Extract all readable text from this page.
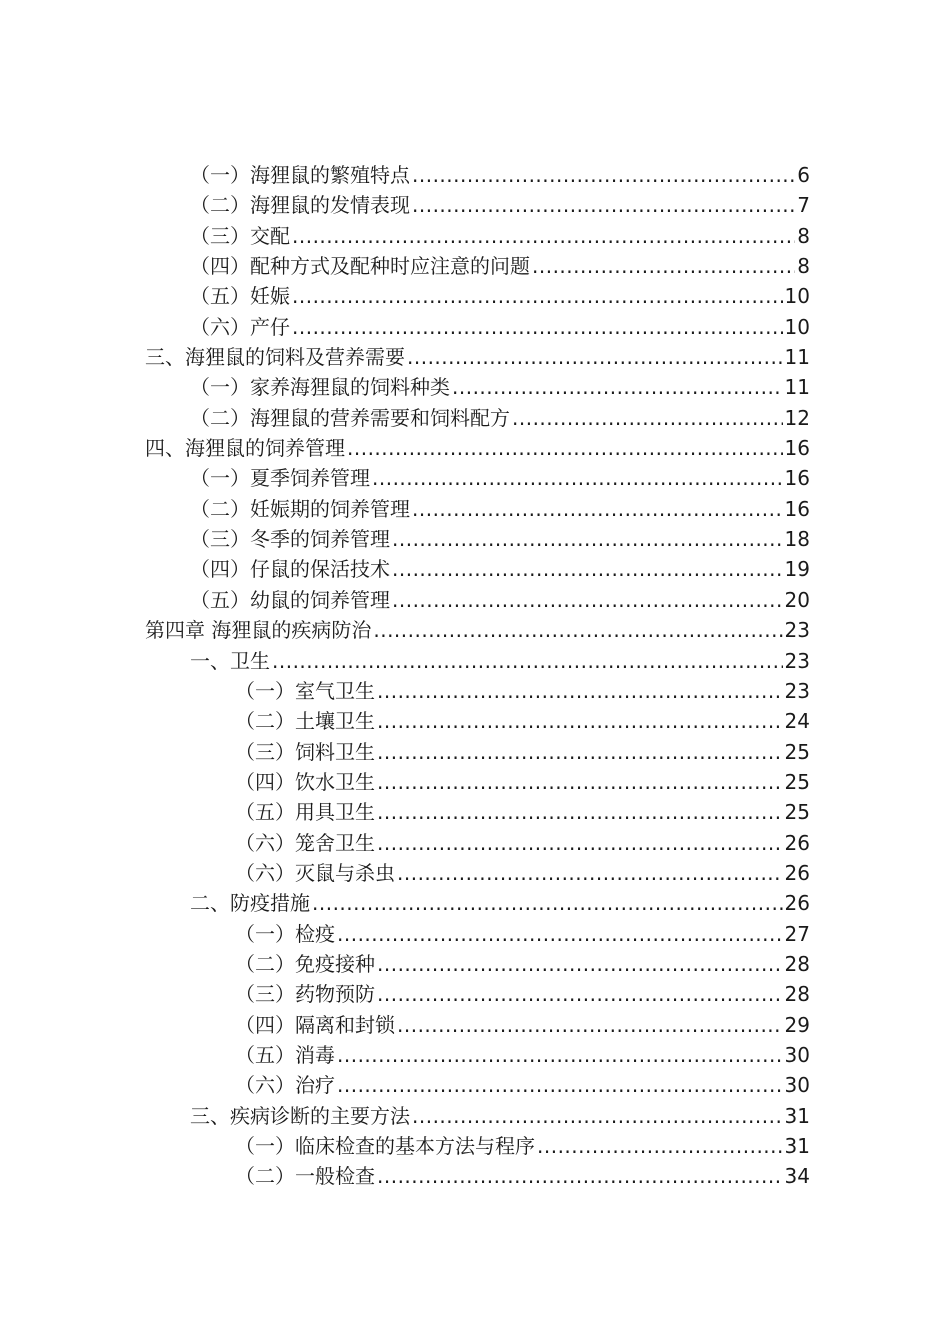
（一）海狸鼠的繁殖特点 .....	6
（二）海狸鼠的发情表现 .....	7
（三）交配 .....	8
（四）配种方式及配种时应注意的问题 .....	8
（五）妊娠 .....	10
（六）产仔 .....	10
三、海狸鼠的饲料及营养需要 .....	11
（一）家养海狸鼠的饲料种类 .....	11
（二）海狸鼠的营养需要和饲料配方 .....	12
四、海狸鼠的饲养管理 .....	16
（一）夏季饲养管理 .....	16
（二）妊娠期的饲养管理 .....	16
（三）冬季的饲养管理 .....	18
（四）仔鼠的保活技术 .....	19
（五）幼鼠的饲养管理 .....	20
第四章 海狸鼠的疾病防治 .....	23
一、卫生 .....	23
（一）室气卫生 .....	23
（二）土壤卫生 .....	24
（三）饲料卫生 .....	25
（四）饮水卫生 .....	25
（五）用具卫生 .....	25
（六）笼舍卫生 .....	26
（六）灭鼠与杀虫 .....	26
二、防疫措施 .....	26
（一）检疫 .....	27
（二）免疫接种 .....	28
（三）药物预防 .....	28
（四）隔离和封锁 .....	29
（五）消毒 .....	30
（六）治疗 .....	30
三、疾病诊断的主要方法 .....	31
（一）临床检查的基本方法与程序 .....	31
（二）一般检查 .....	34
